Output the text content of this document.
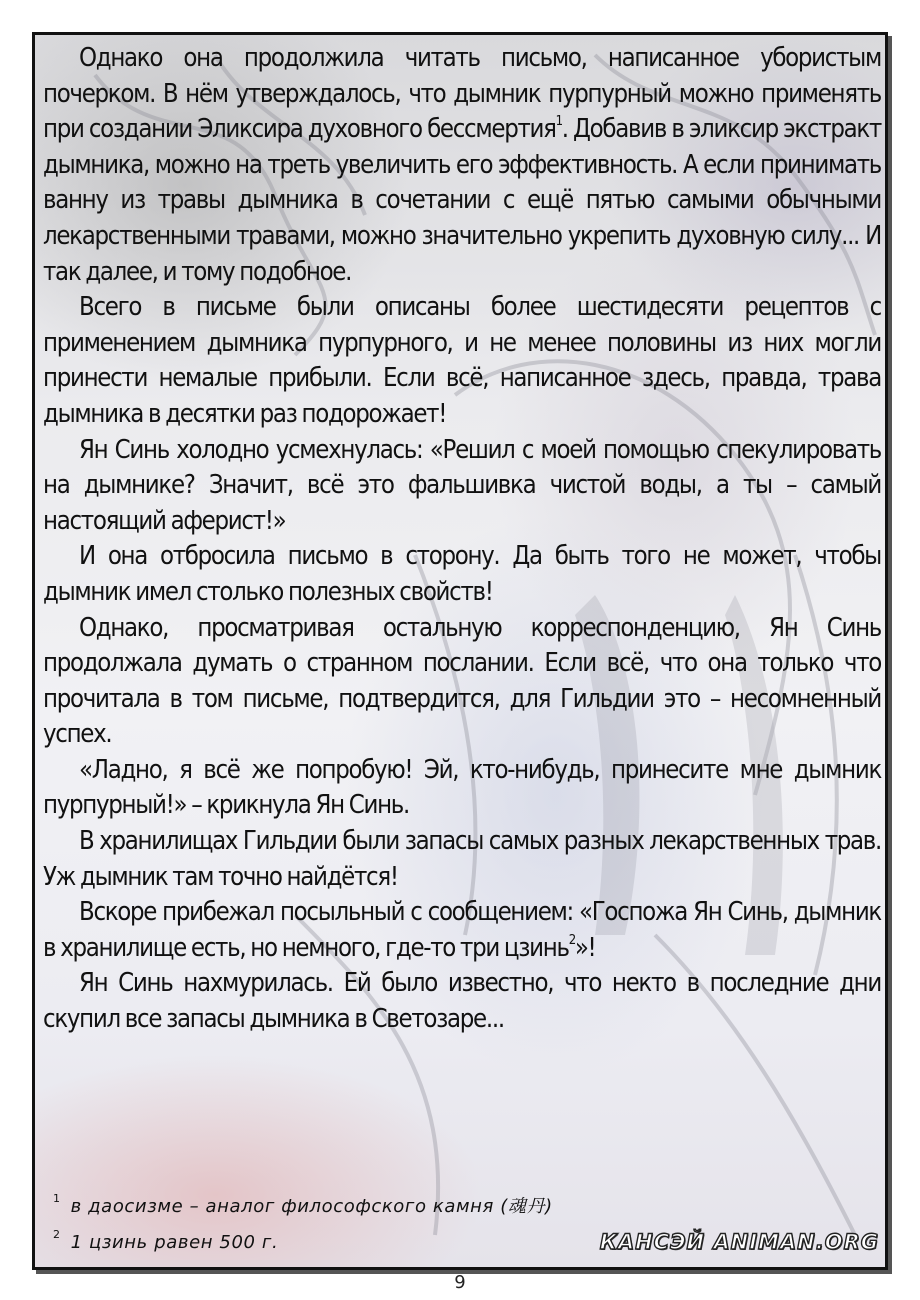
Однако она продолжила читать письмо, написанное убористым почерком. В нём утверждалось, что дымник пурпурный можно применять при создании Эликсира духовного бессмертия$^1$. Добавив в эликсир экстракт дымника, можно на треть увеличить его эффективность. А если принимать ванну из травы дымника в сочетании с ещё пятью самыми обычными лекарственными травами, можно значительно укрепить духовную силу... И так далее, и тому подобное.

Всего в письме были описаны более шестидесяти рецептов с применением дымника пурпурного, и не менее половины из них могли принести немалые прибыли. Если всё, написанное здесь, правда, трава дымника в десятки раз подорожает!

Ян Синь холодно усмехнулась: «Решил с моей помощью спекулировать на дымнике? Значит, всё это фальшивка чистой воды, а ты – самый настоящий аферист!»

И она отбросила письмо в сторону. Да быть того не может, чтобы дымник имел столько полезных свойств!

Однако, просматривая остальную корреспонденцию, Ян Синь продолжала думать о странном послании. Если всё, что она только что прочитала в том письме, подтвердится, для Гильдии это – несомненный успех.

«Ладно, я всё же попробую! Эй, кто-нибудь, принесите мне дымник пурпурный!» – крикнула Ян Синь.

В хранилищах Гильдии были запасы самых разных лекарственных трав. Уж дымник там точно найдётся!

Вскоре прибежал посыльный с сообщением: «Госпожа Ян Синь, дымник в хранилище есть, но немного, где-то три цзинь$^2$»!

Ян Синь нахмурилась. Ей было известно, что некто в последние дни скупил все запасы дымника в Светозаре...

$^1$ в даосизме – аналог философского камня (魂丹)
$^2$ 1 цзинь равен 500 г.	КАНСЭЙ ANIMAN.ORG
9
